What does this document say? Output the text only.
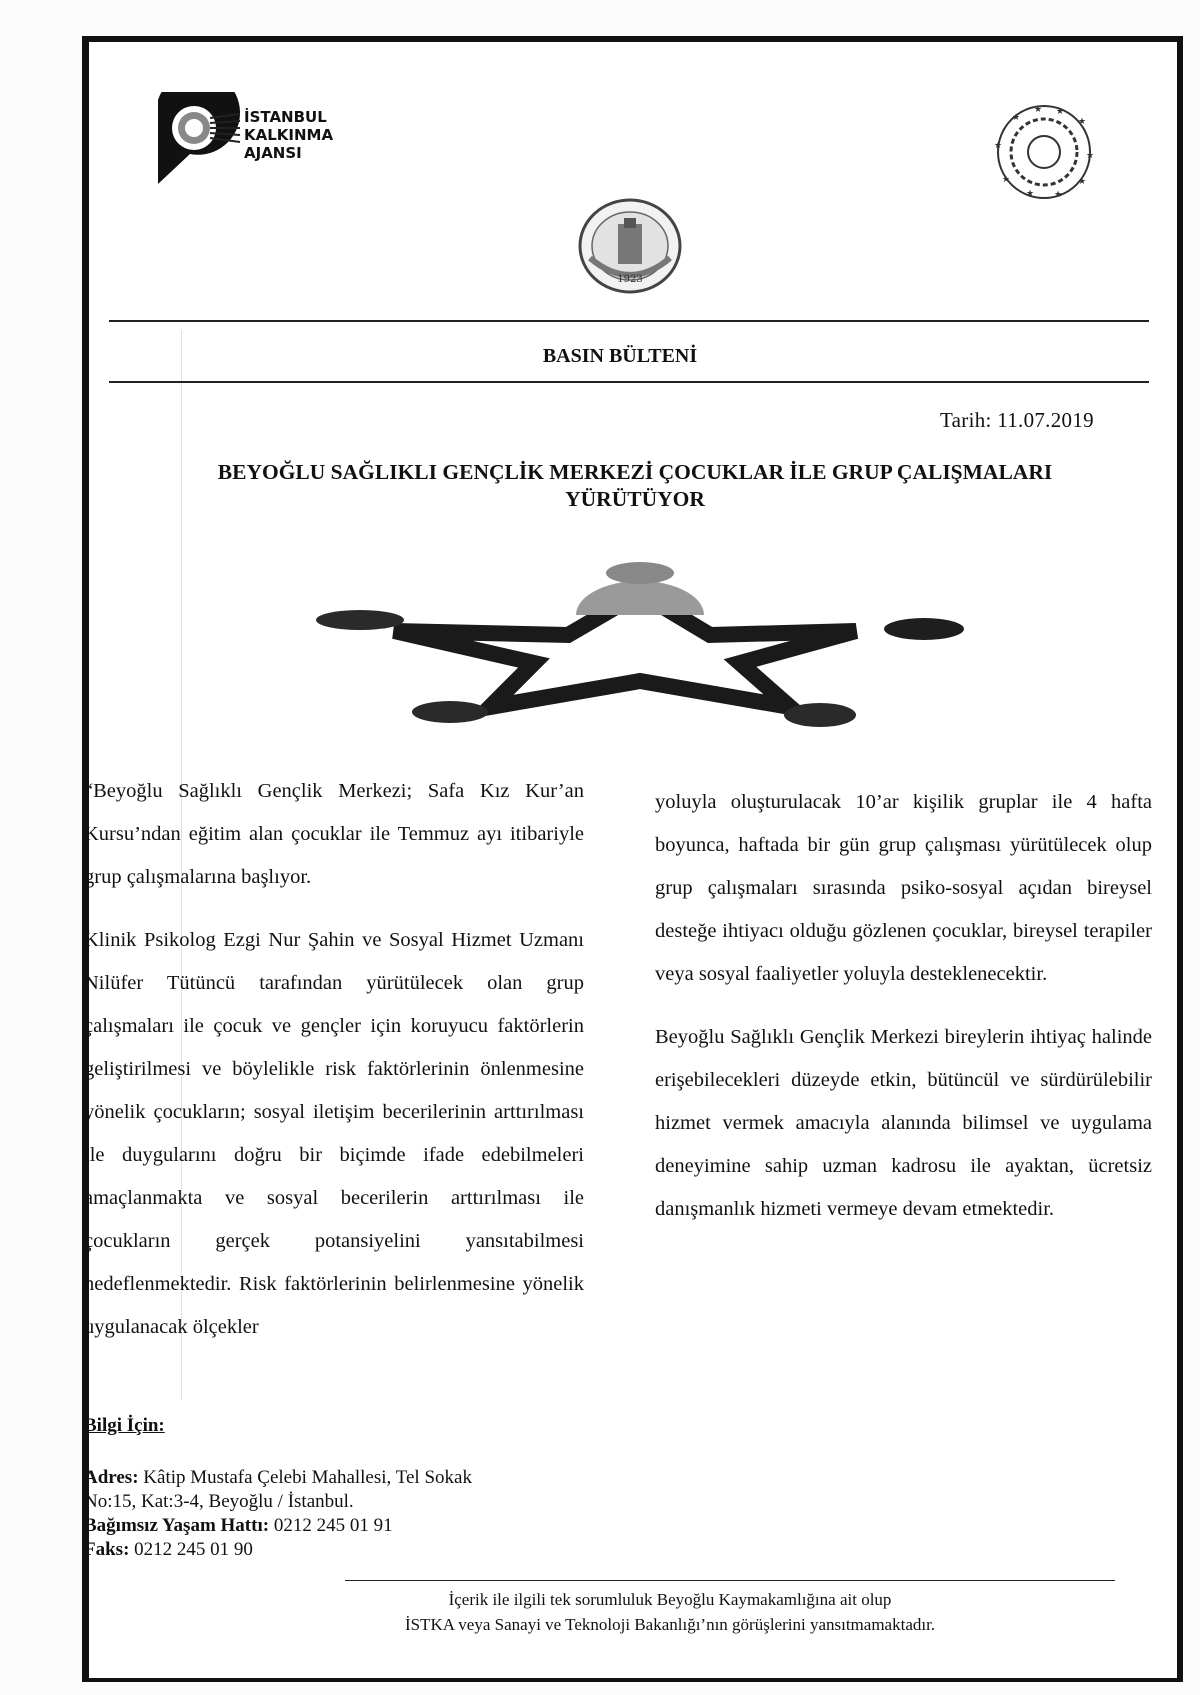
İSTANBUL
KALKINMA
AJANSI
1923
★
★ ★
★
★
★
★
★ ★
★
BASIN BÜLTENİ
Tarih: 11.07.2019
BEYOĞLU SAĞLIKLI GENÇLİK MERKEZİ ÇOCUKLAR İLE GRUP ÇALIŞMALARI
YÜRÜTÜYOR

“Beyoğlu Sağlıklı Gençlik Merkezi; Safa Kız Kur’an Kursu’ndan eğitim alan çocuklar ile Temmuz ayı itibariyle grup çalışmalarına başlıyor.

Klinik Psikolog Ezgi Nur Şahin ve Sosyal Hizmet Uzmanı Nilüfer Tütüncü tarafından yürütülecek olan grup çalışmaları ile çocuk ve gençler için koruyucu faktörlerin geliştirilmesi ve böylelikle risk faktörlerinin önlenmesine yönelik çocukların; sosyal iletişim becerilerinin arttırılması ile duygularını doğru bir biçimde ifade edebilmeleri amaçlanmakta ve sosyal becerilerin arttırılması ile çocukların gerçek potansiyelini yansıtabilmesi hedeflenmektedir. Risk faktörlerinin belirlenmesine yönelik uygulanacak ölçekler

yoluyla oluşturulacak 10’ar kişilik gruplar ile 4 hafta boyunca, haftada bir gün grup çalışması yürütülecek olup grup çalışmaları sırasında psiko-sosyal açıdan bireysel desteğe ihtiyacı olduğu gözlenen çocuklar, bireysel terapiler veya sosyal faaliyetler yoluyla desteklenecektir.

Beyoğlu Sağlıklı Gençlik Merkezi bireylerin ihtiyaç halinde erişebilecekleri düzeyde etkin, bütüncül ve sürdürülebilir hizmet vermek amacıyla alanında bilimsel ve uygulama deneyimine sahip uzman kadrosu ile ayaktan, ücretsiz danışmanlık hizmeti vermeye devam etmektedir.

Bilgi İçin:
Adres: Kâtip Mustafa Çelebi Mahallesi, Tel Sokak
No:15, Kat:3-4, Beyoğlu / İstanbul.
Bağımsız Yaşam Hattı: 0212 245 01 91
Faks: 0212 245 01 90
İçerik ile ilgili tek sorumluluk Beyoğlu Kaymakamlığına ait olup
İSTKA veya Sanayi ve Teknoloji Bakanlığı’nın görüşlerini yansıtmamaktadır.
